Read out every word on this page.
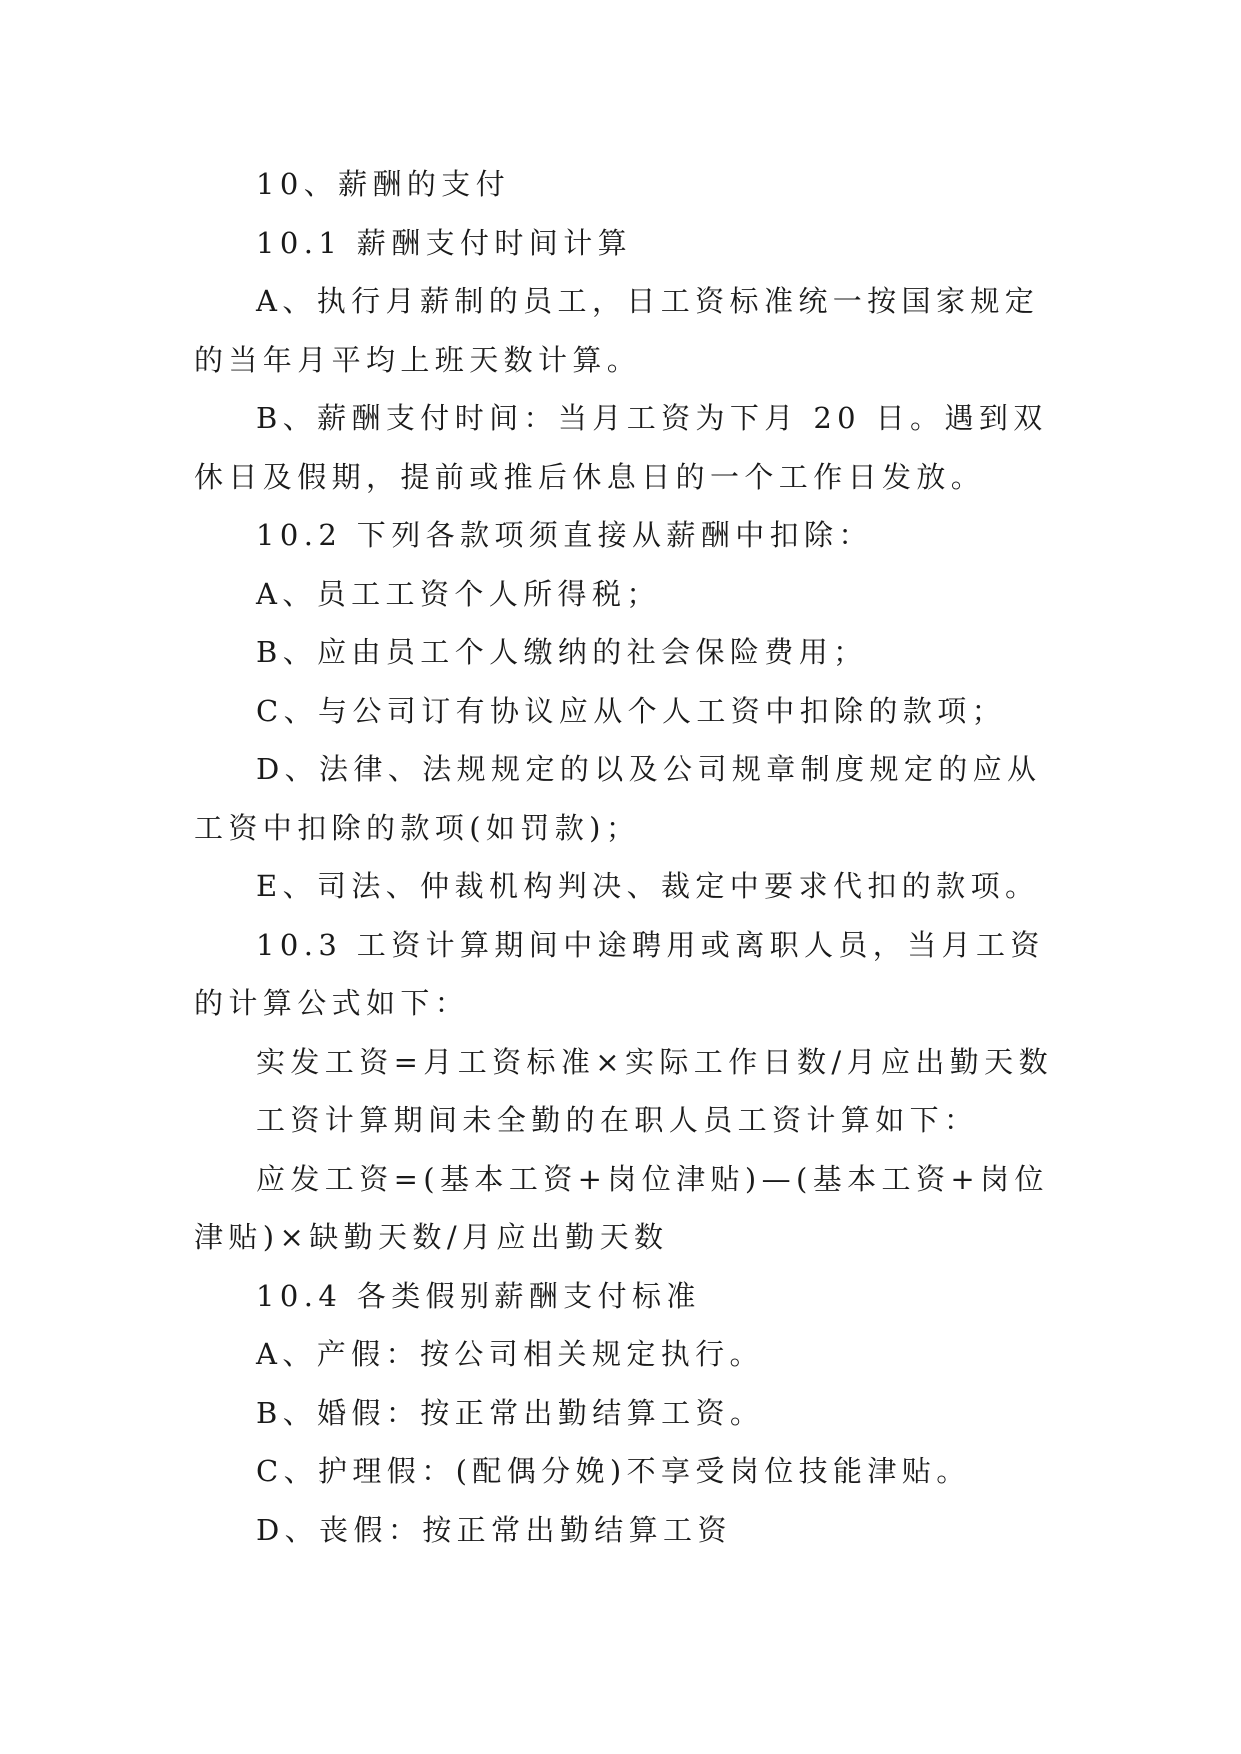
10、薪酬的支付

10.1 薪酬支付时间计算

A、执行月薪制的员工，日工资标准统一按国家规定的当年月平均上班天数计算。

B、薪酬支付时间：当月工资为下月 20 日。遇到双休日及假期，提前或推后休息日的一个工作日发放。

10.2 下列各款项须直接从薪酬中扣除：

A、员工工资个人所得税；

B、应由员工个人缴纳的社会保险费用；

C、与公司订有协议应从个人工资中扣除的款项；

D、法律、法规规定的以及公司规章制度规定的应从工资中扣除的款项(如罚款)；

E、司法、仲裁机构判决、裁定中要求代扣的款项。

10.3 工资计算期间中途聘用或离职人员，当月工资的计算公式如下：

实发工资=月工资标准×实际工作日数/月应出勤天数

工资计算期间未全勤的在职人员工资计算如下：

应发工资=(基本工资+岗位津贴)—(基本工资+岗位津贴)×缺勤天数/月应出勤天数

10.4 各类假别薪酬支付标准

A、产假：按公司相关规定执行。

B、婚假：按正常出勤结算工资。

C、护理假：(配偶分娩)不享受岗位技能津贴。

D、丧假：按正常出勤结算工资
